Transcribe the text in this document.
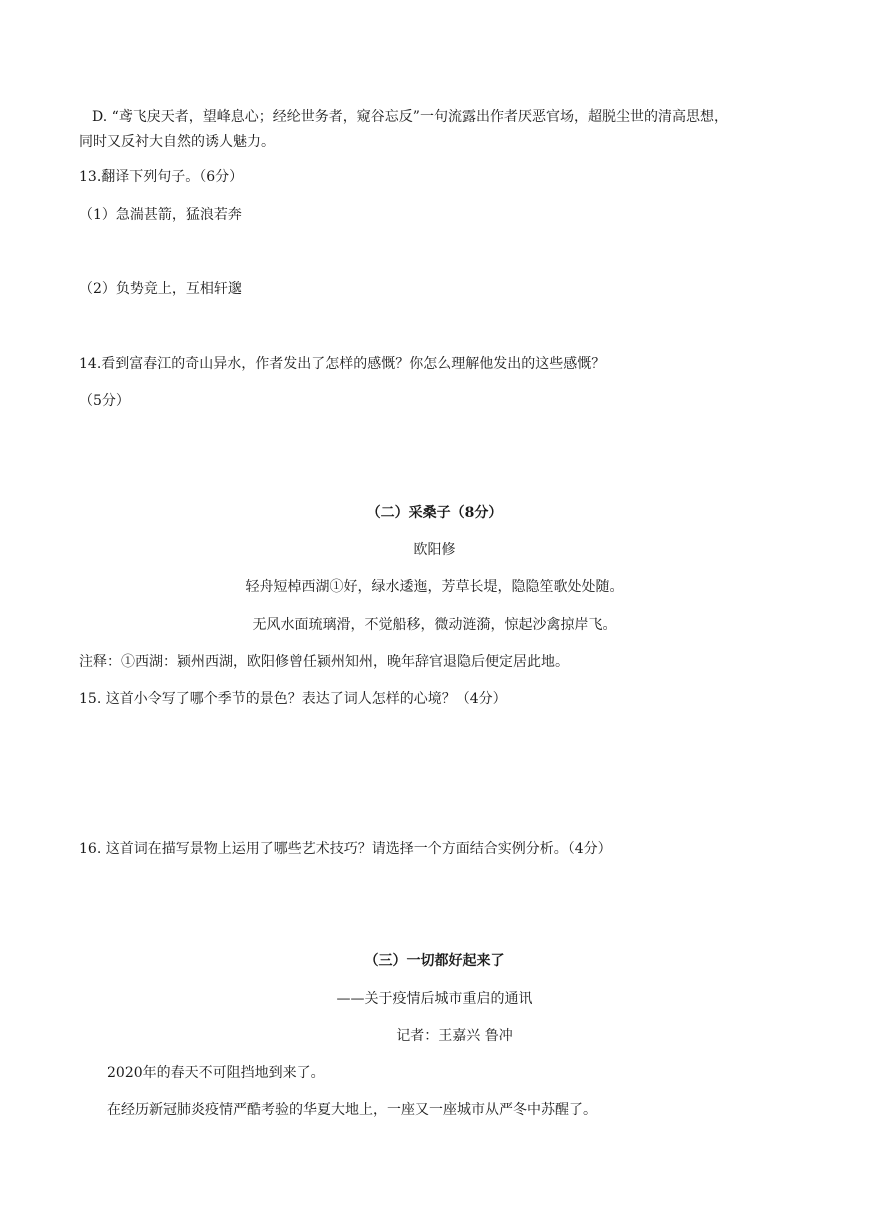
D. “鸢飞戾天者，望峰息心；经纶世务者，窥谷忘反”一句流露出作者厌恶官场，超脱尘世的清高思想，
同时又反衬大自然的诱人魅力。
13.翻译下列句子。（6分）
（1）急湍甚箭，猛浪若奔
（2）负势竞上，互相轩邈
14.看到富春江的奇山异水，作者发出了怎样的感慨？你怎么理解他发出的这些感慨？
（5分）
（二）采桑子（8分）
欧阳修
轻舟短棹西湖①好，绿水逶迤，芳草长堤，隐隐笙歌处处随。
无风水面琉璃滑，不觉船移，微动涟漪，惊起沙禽掠岸飞。
注释：①西湖：颍州西湖，欧阳修曾任颍州知州，晚年辞官退隐后便定居此地。
15. 这首小令写了哪个季节的景色？表达了词人怎样的心境？（4分）
16. 这首词在描写景物上运用了哪些艺术技巧？请选择一个方面结合实例分析。（4分）
（三）一切都好起来了
——关于疫情后城市重启的通讯
记者：王嘉兴 鲁冲
2020年的春天不可阻挡地到来了。
在经历新冠肺炎疫情严酷考验的华夏大地上，一座又一座城市从严冬中苏醒了。
